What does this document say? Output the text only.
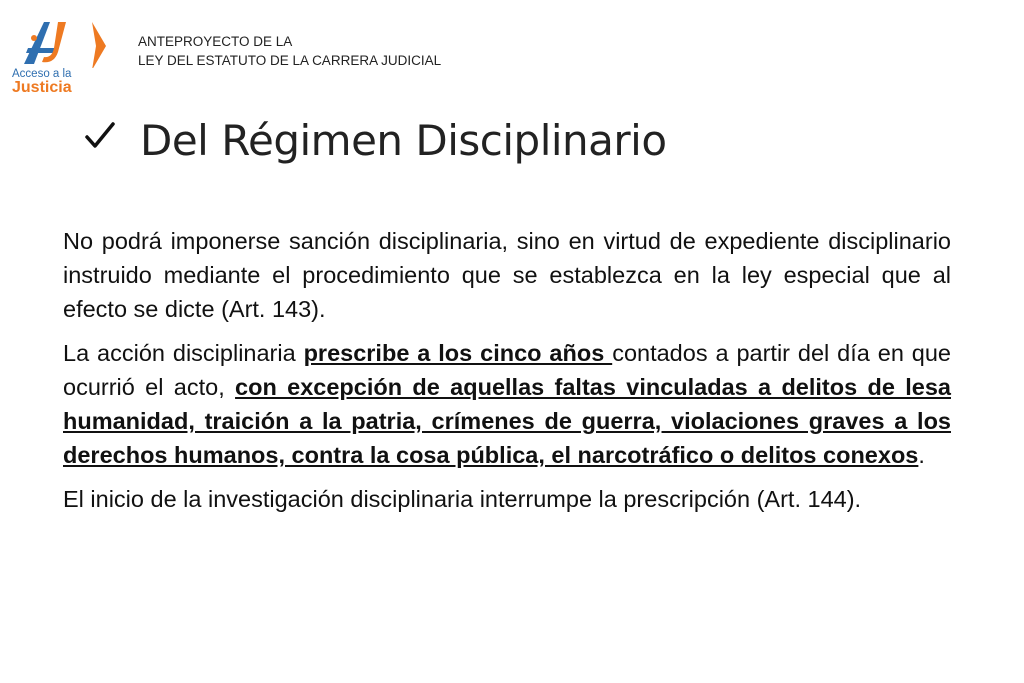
Acceso a la
Justicia
ANTEPROYECTO DE LA
LEY DEL ESTATUTO DE LA CARRERA JUDICIAL
Del Régimen Disciplinario

No podrá imponerse sanción disciplinaria, sino en virtud de expediente disciplinario instruido mediante el procedimiento que se establezca en la ley especial que al efecto se dicte (Art. 143).

La acción disciplinaria prescribe a los cinco años contados a partir del día en que ocurrió el acto, con excepción de aquellas faltas vinculadas a delitos de lesa humanidad, traición a la patria, crímenes de guerra, violaciones graves a los derechos humanos, contra la cosa pública, el narcotráfico o delitos conexos.

El inicio de la investigación disciplinaria interrumpe la prescripción (Art. 144).
